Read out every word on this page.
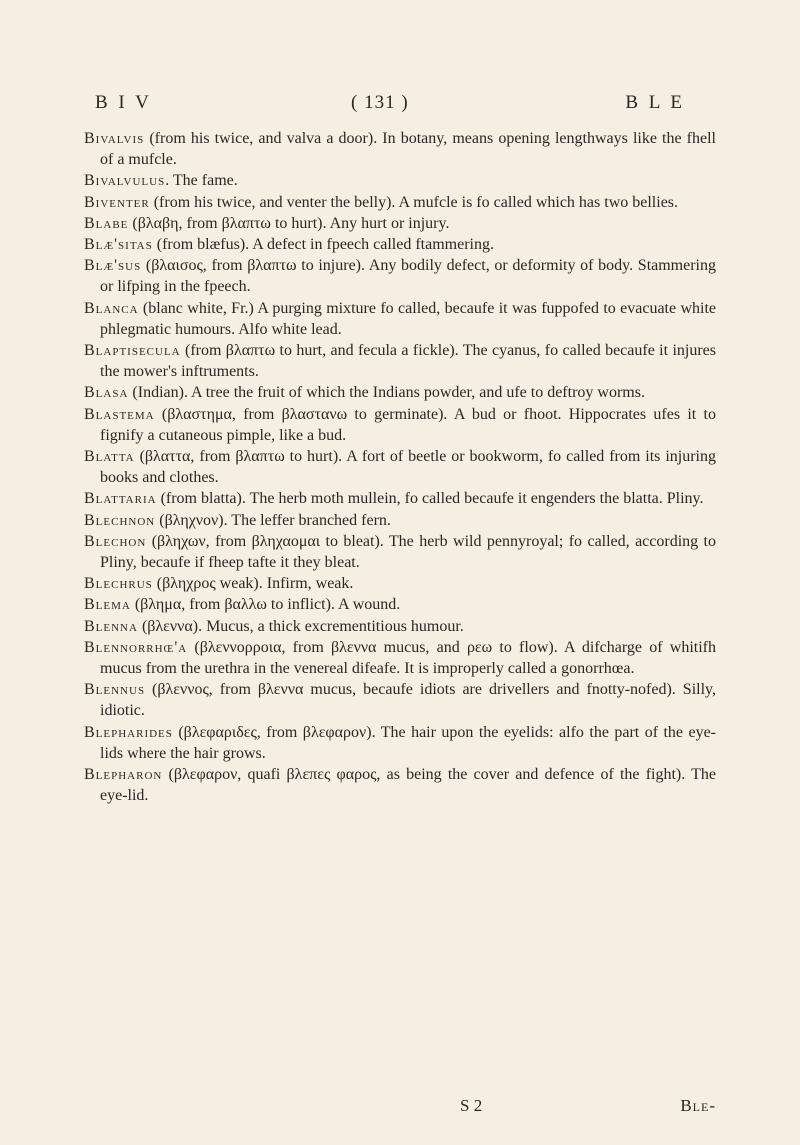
B I V	( 131 )	B L E

Bivalvis (from his twice, and valva a door). In botany, means opening lengthways like the fhell of a mufcle.

Bivalvulus. The fame.

Biventer (from his twice, and venter the belly). A mufcle is fo called which has two bellies.

Blabe (βλαβη, from βλαπτω to hurt). Any hurt or injury.

Blæ'sitas (from blæfus). A defect in fpeech called ftammering.

Blæ'sus (βλαισος, from βλαπτω to injure). Any bodily defect, or deformity of body. Stammering or lifping in the fpeech.

Blanca (blanc white, Fr.) A purging mixture fo called, becaufe it was fuppofed to evacuate white phlegmatic humours. Alfo white lead.

Blaptisecula (from βλαπτω to hurt, and fecula a fickle). The cyanus, fo called becaufe it injures the mower's inftruments.

Blasa (Indian). A tree the fruit of which the Indians powder, and ufe to deftroy worms.

Blastema (βλαστημα, from βλαστανω to germinate). A bud or fhoot. Hippocrates ufes it to fignify a cutaneous pimple, like a bud.

Blatta (βλαττα, from βλαπτω to hurt). A fort of beetle or bookworm, fo called from its injuring books and clothes.

Blattaria (from blatta). The herb moth mullein, fo called becaufe it engenders the blatta. Pliny.

Blechnon (βληχνον). The leffer branched fern.

Blechon (βληχων, from βληχαομαι to bleat). The herb wild pennyroyal; fo called, according to Pliny, becaufe if fheep tafte it they bleat.

Blechrus (βληχρος weak). Infirm, weak.

Blema (βλημα, from βαλλω to inflict). A wound.

Blenna (βλεννα). Mucus, a thick excrementitious humour.

Blennorrhœ'a (βλεννορροια, from βλεννα mucus, and ρεω to flow). A difcharge of whitifh mucus from the urethra in the venereal difeafe. It is improperly called a gonorrhœa.

Blennus (βλεννος, from βλεννα mucus, becaufe idiots are drivellers and fnotty-nofed). Silly, idiotic.

Blepharides (βλεφαριδες, from βλεφαρον). The hair upon the eyelids: alfo the part of the eye-lids where the hair grows.

Blepharon (βλεφαρον, quafi βλεπες φαρος, as being the cover and defence of the fight). The eye-lid.

S 2	Ble-
